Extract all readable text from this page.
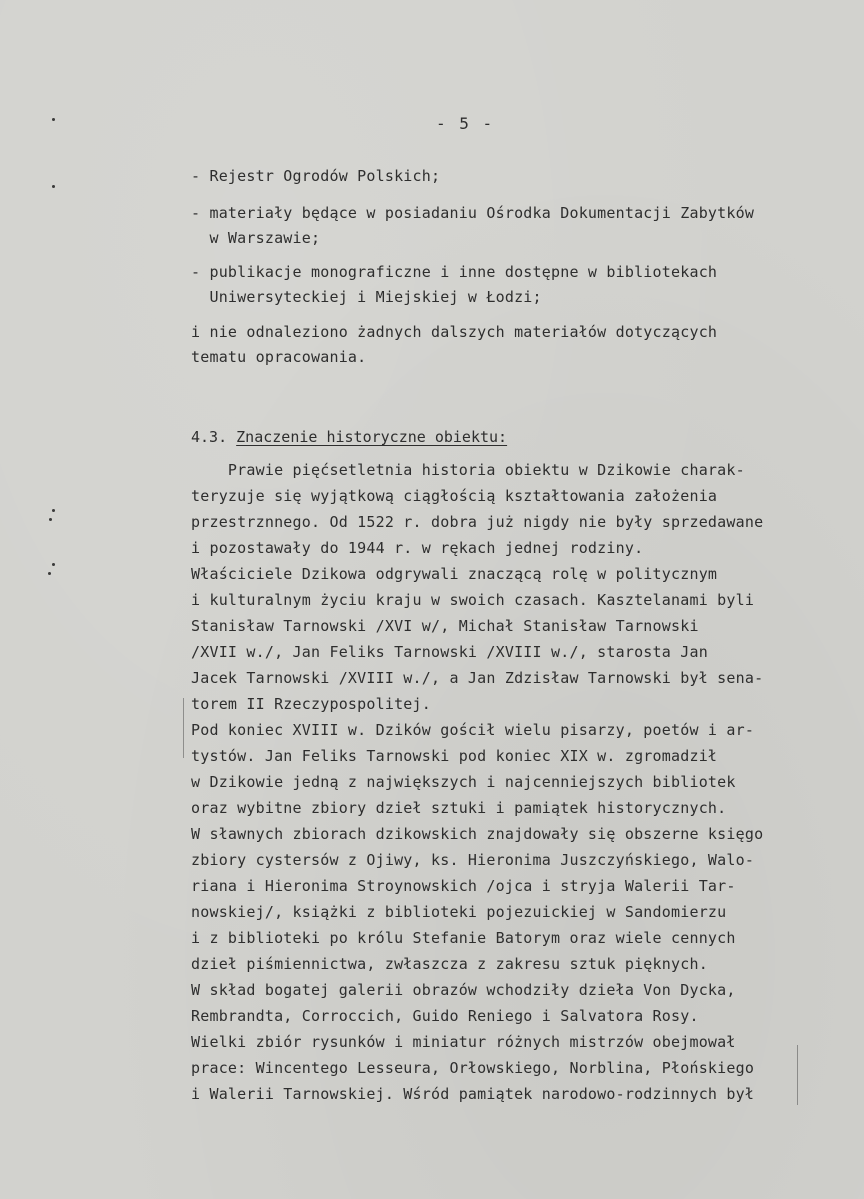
- 5 -
- Rejestr Ogrodów Polskich;
- materiały będące w posiadaniu Ośrodka Dokumentacji Zabytków
w Warszawie;
- publikacje monograficzne i inne dostępne w bibliotekach
Uniwersyteckiej i Miejskiej w Łodzi;
i nie odnaleziono żadnych dalszych materiałów dotyczących
tematu opracowania.
4.3. Znaczenie historyczne obiektu:
Prawie pięćsetletnia historia obiektu w Dzikowie charak-
teryzuje się wyjątkową ciągłością kształtowania założenia
przestrznnego. Od 1522 r. dobra już nigdy nie były sprzedawane
i pozostawały do 1944 r. w rękach jednej rodziny.
Właściciele Dzikowa odgrywali znaczącą rolę w politycznym
i kulturalnym życiu kraju w swoich czasach. Kasztelanami byli
Stanisław Tarnowski /XVI w/, Michał Stanisław Tarnowski
/XVII w./, Jan Feliks Tarnowski /XVIII w./, starosta Jan
Jacek Tarnowski /XVIII w./, a Jan Zdzisław Tarnowski był sena-
torem II Rzeczypospolitej.
Pod koniec XVIII w. Dzików gościł wielu pisarzy, poetów i ar-
tystów. Jan Feliks Tarnowski pod koniec XIX w. zgromadził
w Dzikowie jedną z największych i najcenniejszych bibliotek
oraz wybitne zbiory dzieł sztuki i pamiątek historycznych.
W sławnych zbiorach dzikowskich znajdowały się obszerne księgo
zbiory cystersów z Ojiwy, ks. Hieronima Juszczyńskiego, Walo-
riana i Hieronima Stroynowskich /ojca i stryja Walerii Tar-
nowskiej/, książki z biblioteki pojezuickiej w Sandomierzu
i z biblioteki po królu Stefanie Batorym oraz wiele cennych
dzieł piśmiennictwa, zwłaszcza z zakresu sztuk pięknych.
W skład bogatej galerii obrazów wchodziły dzieła Von Dycka,
Rembrandta, Corroccich, Guido Reniego i Salvatora Rosy.
Wielki zbiór rysunków i miniatur różnych mistrzów obejmował
prace: Wincentego Lesseura, Orłowskiego, Norblina, Płońskiego
i Walerii Tarnowskiej. Wśród pamiątek narodowo-rodzinnych był
